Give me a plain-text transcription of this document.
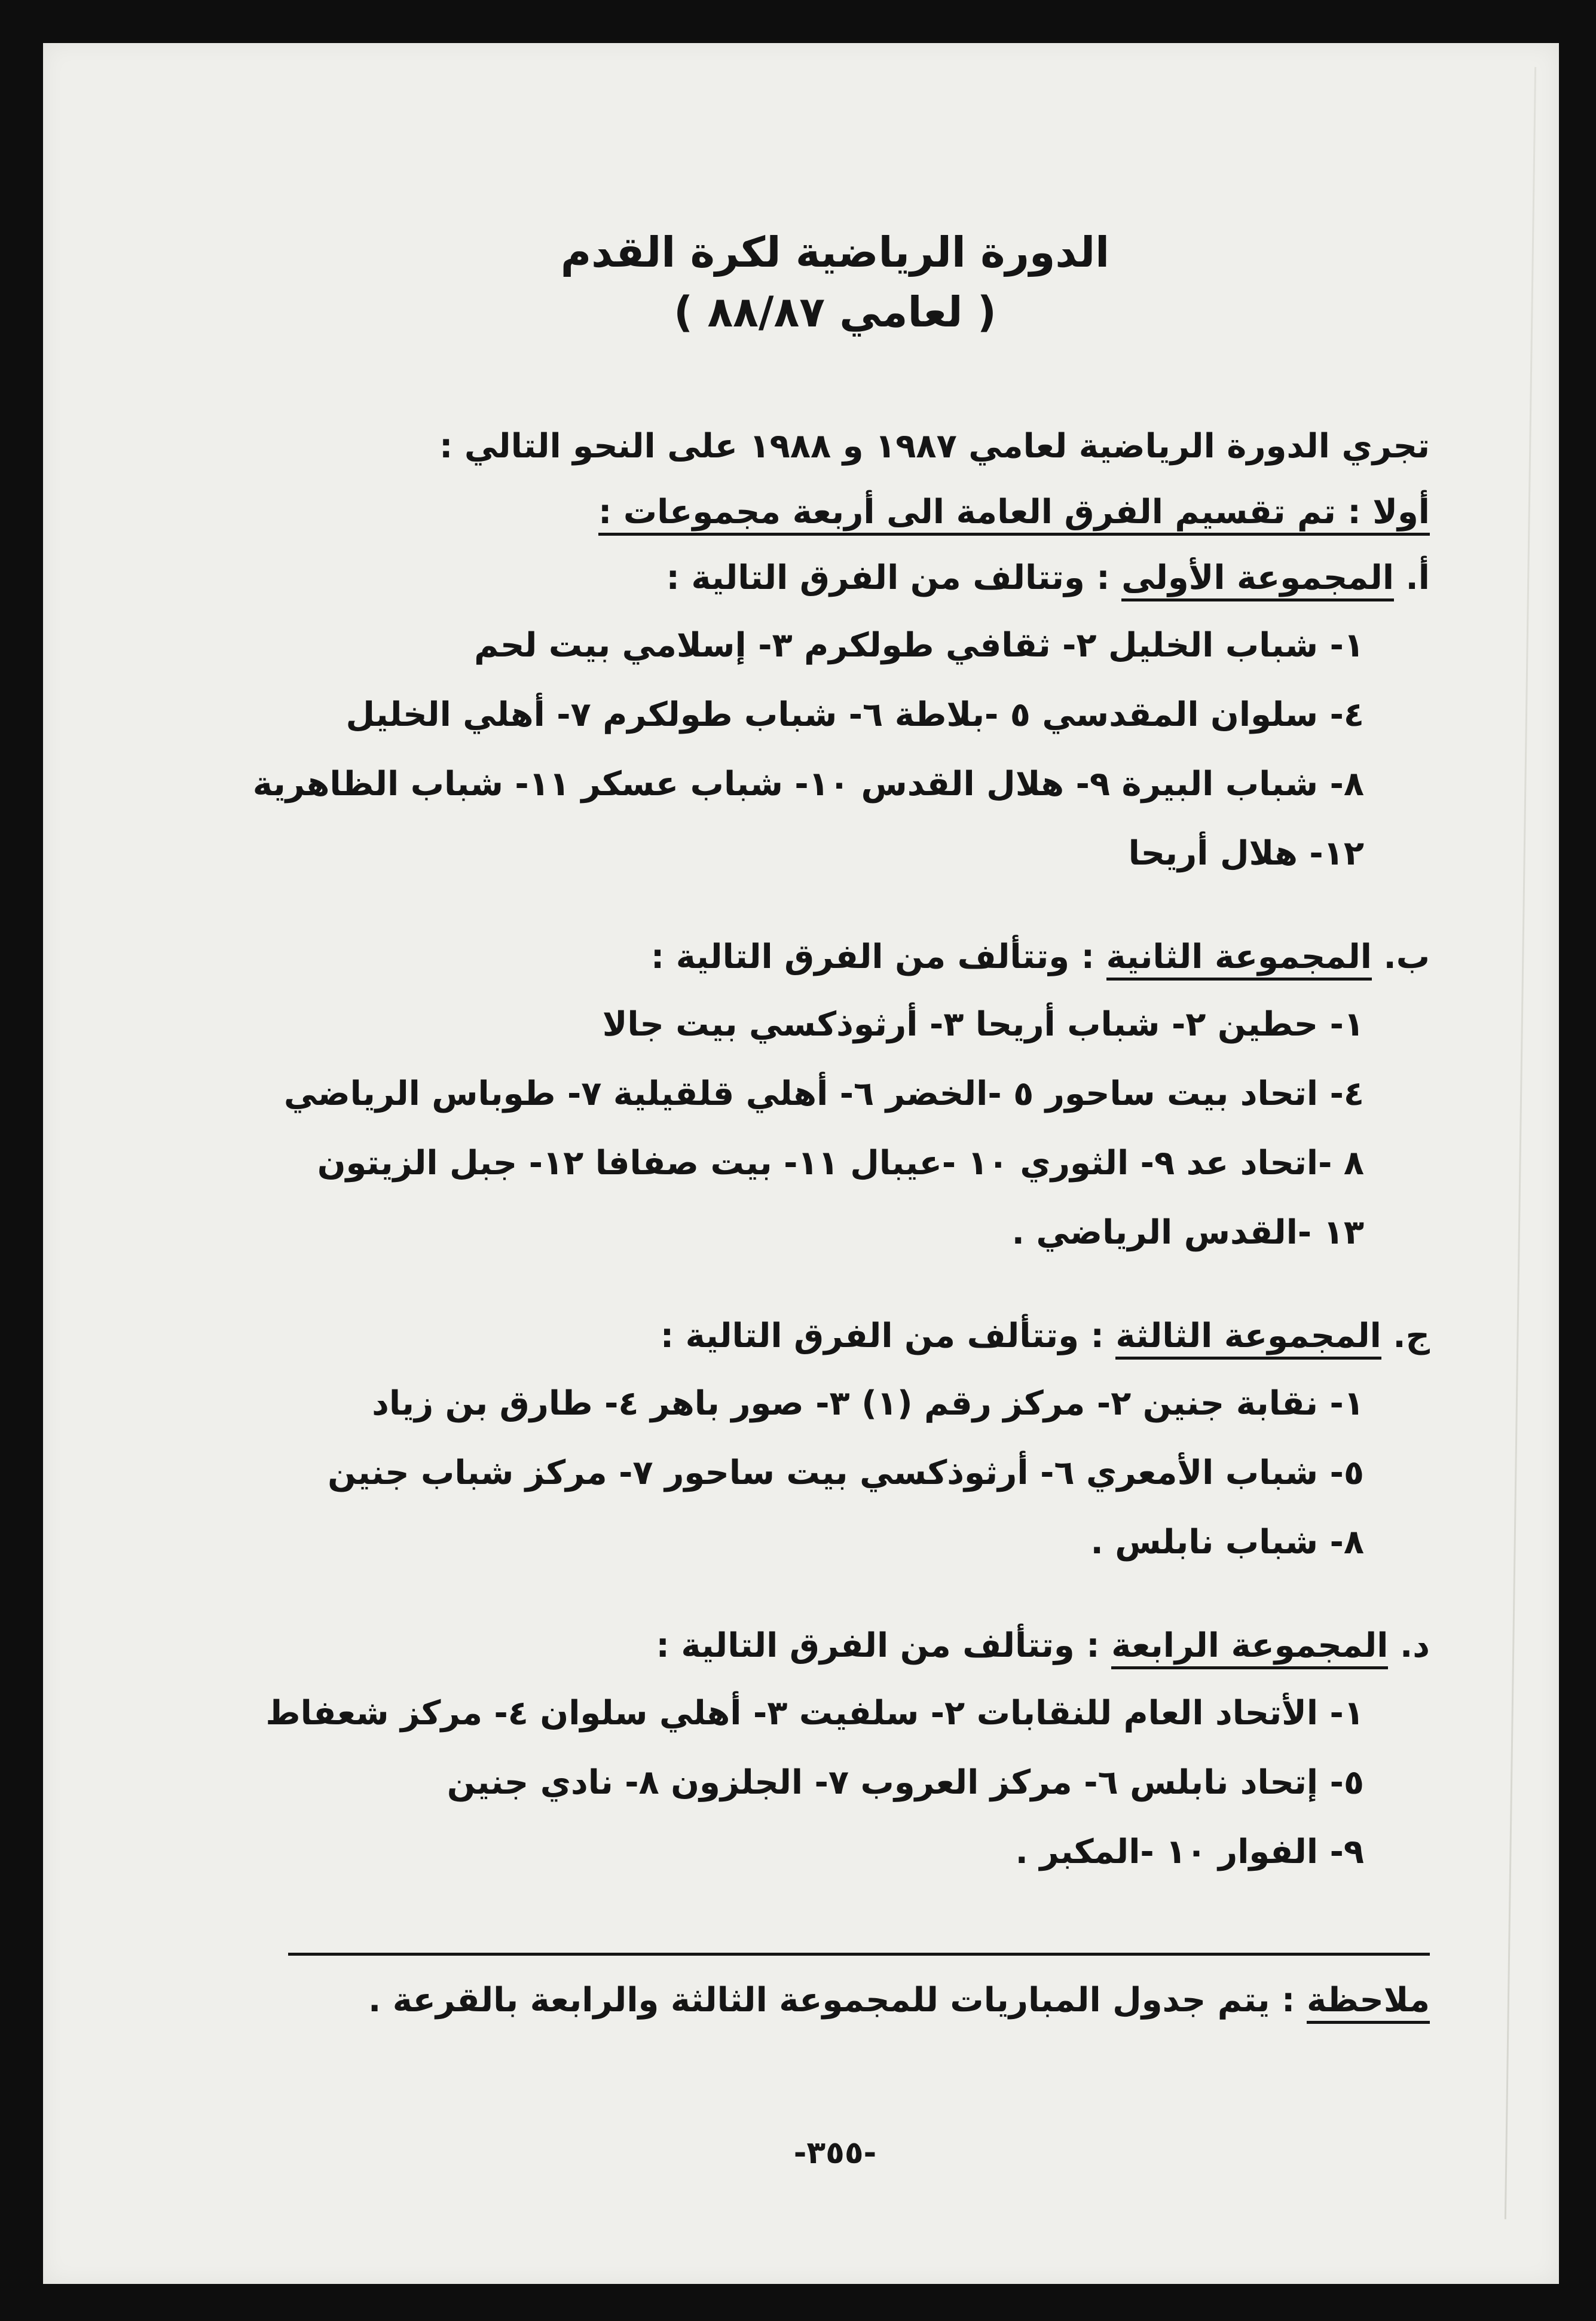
الدورة الرياضية لكرة القدم
( لعامي ٨٨/٨٧ )

تجري الدورة الرياضية لعامي ١٩٨٧ و ١٩٨٨ على النحو التالي :

أولا : تم تقسيم الفرق العامة الى أربعة مجموعات :

أ. المجموعة الأولى : وتتالف من الفرق التالية :

١- شباب الخليل ٢- ثقافي طولكرم ٣- إسلامي بيت لحم

٤- سلوان المقدسي ٥ -بلاطة ٦- شباب طولكرم ٧- أهلي الخليل

٨- شباب البيرة ٩- هلال القدس ١٠- شباب عسكر ١١- شباب الظاهرية

١٢- هلال أريحا

ب. المجموعة الثانية : وتتألف من الفرق التالية :

١- حطين ٢- شباب أريحا ٣- أرثوذكسي بيت جالا

٤- اتحاد بيت ساحور ٥ -الخضر ٦- أهلي قلقيلية ٧- طوباس الرياضي

٨ -اتحاد عد ٩- الثوري ١٠ -عيبال ١١- بيت صفافا ١٢- جبل الزيتون

١٣ -القدس الرياضي .

ج. المجموعة الثالثة : وتتألف من الفرق التالية :

١- نقابة جنين ٢- مركز رقم (١) ٣- صور باهر ٤- طارق بن زياد

٥- شباب الأمعري ٦- أرثوذكسي بيت ساحور ٧- مركز شباب جنين

٨- شباب نابلس .

د. المجموعة الرابعة : وتتألف من الفرق التالية :

١- الأتحاد العام للنقابات ٢- سلفيت ٣- أهلي سلوان ٤- مركز شعفاط

٥- إتحاد نابلس ٦- مركز العروب ٧- الجلزون ٨- نادي جنين

٩- الفوار ١٠ -المكبر .

ملاحظة : يتم جدول المباريات للمجموعة الثالثة والرابعة بالقرعة .

-٣٥٥-
